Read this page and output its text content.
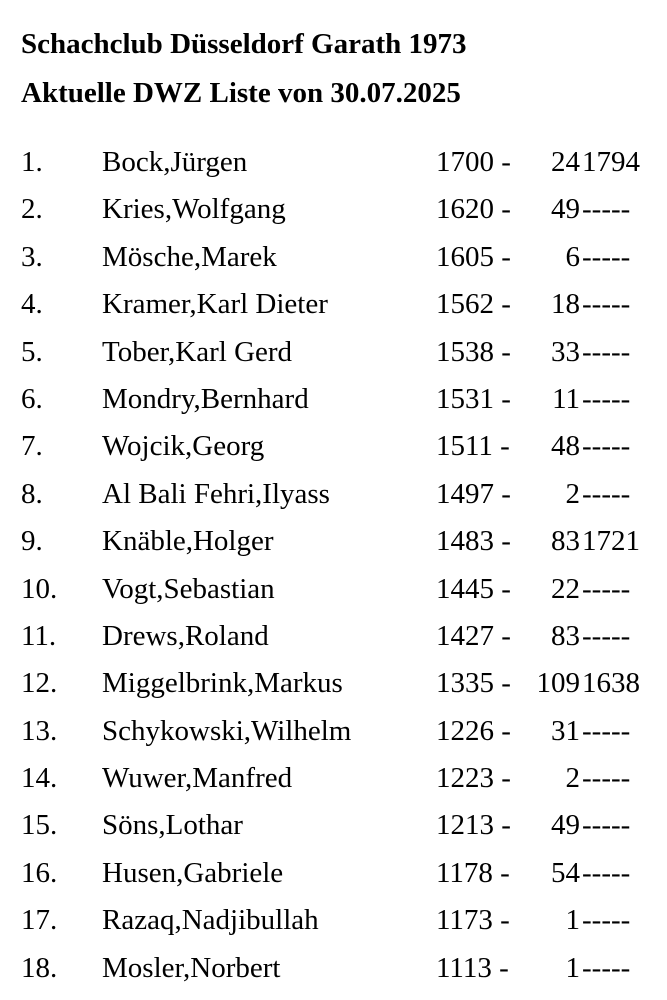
Schachclub Düsseldorf Garath 1973
Aktuelle DWZ Liste von 30.07.2025
1. Bock,Jürgen	1700 -	24 1794
2. Kries,Wolfgang	1620 -	49 -----
3. Mösche,Marek	1605 -	6 -----
4. Kramer,Karl Dieter	1562 -	18 -----
5. Tober,Karl Gerd	1538 -	33 -----
6. Mondry,Bernhard	1531 -	11 -----
7. Wojcik,Georg	1511 -	48 -----
8. Al Bali Fehri,Ilyass	1497 -	2 -----
9. Knäble,Holger	1483 -	83 1721
10. Vogt,Sebastian	1445 -	22 -----
11. Drews,Roland	1427 -	83 -----
12. Miggelbrink,Markus	1335 - 109 1638
13. Schykowski,Wilhelm	1226 -	31 -----
14. Wuwer,Manfred	1223 -	2 -----
15. Söns,Lothar	1213 -	49 -----
16. Husen,Gabriele	1178 -	54 -----
17. Razaq,Nadjibullah	1173 -	1 -----
18. Mosler,Norbert	1113 -	1 -----
